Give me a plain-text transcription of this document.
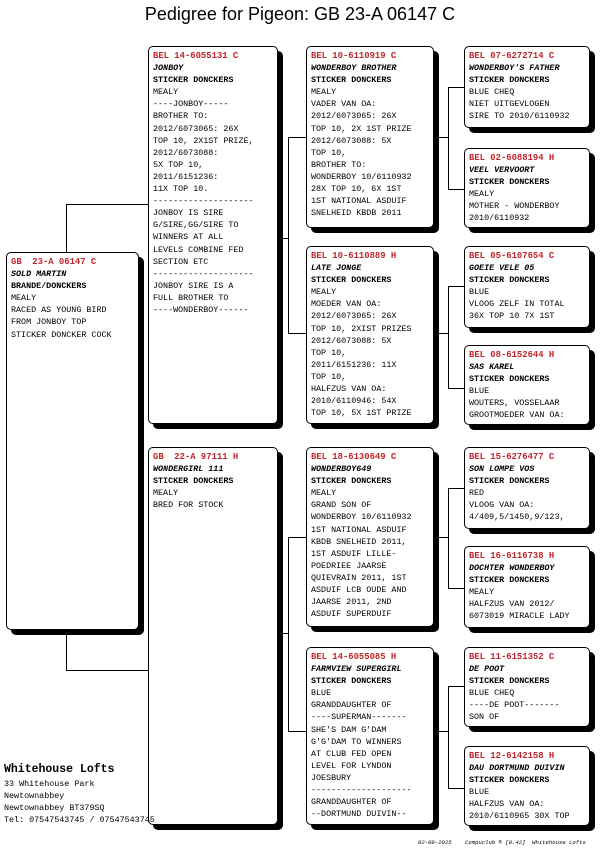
Pedigree for Pigeon: GB 23-A 06147 C
GB  23-A 06147 C
SOLD MARTIN
BRANDE/DONCKERS
MEALY
RACED AS YOUNG BIRD
FROM JONBOY TOP
STICKER DONCKER COCK
BEL 14-6055131 C
JONBOY
STICKER DONCKERS
MEALY
----JONBOY-----
BROTHER TO:
2012/6073065: 26X
TOP 10, 2X1ST PRIZE,
2012/6073088:
5X TOP 10,
2011/6151236:
11X TOP 10.
--------------------
JONBOY IS SIRE
G/SIRE,GG/SIRE TO
WINNERS AT ALL
LEVELS COMBINE FED
SECTION ETC
--------------------
JONBOY SIRE IS A
FULL BROTHER TO
----WONDERBOY------
GB  22-A 97111 H
WONDERGIRL 111
STICKER DONCKERS
MEALY
BRED FOR STOCK
BEL 10-6110919 C
WONDERBOY BROTHER
STICKER DONCKERS
MEALY
VADER VAN OA:
2012/6073065: 26X
TOP 10, 2X 1ST PRIZE
2012/6073088: 5X
TOP 10,
BROTHER TO:
WONDERBOY 10/6110932
28X TOP 10, 6X 1ST
1ST NATIONAL ASDUIF
SNELHEID KBDB 2011
BEL 10-6110889 H
LATE JONGE
STICKER DONCKERS
MEALY
MOEDER VAN OA:
2012/6073065: 26X
TOP 10, 2XIST PRIZES
2012/6073088: 5X
TOP 10,
2011/6151236: 11X
TOP 10,
HALFZUS VAN OA:
2010/6110946: 54X
TOP 10, 5X 1ST PRIZE
BEL 18-6130649 C
WONDERBOY649
STICKER DONCKERS
MEALY
GRAND SON OF
WONDERBOY 10/6110932
1ST NATIONAL ASDUIF
KBDB SNELHEID 2011,
1ST ASDUIF LILLE-
POEDRIEE JAARSE
QUIEVRAIN 2011, 1ST
ASDUIF LCB OUDE AND
JAARSE 2011, 2ND
ASDUIF SUPERDUIF
BEL 14-6055085 H
FARMVIEW SUPERGIRL
STICKER DONCKERS
BLUE
GRANDDAUGHTER OF
----SUPERMAN-------
SHE'S DAM G'DAM
G'G'DAM TO WINNERS
AT CLUB FED OPEN
LEVEL FOR LYNDON
JOESBURY
--------------------
GRANDDAUGHTER OF
--DORTMUND DUIVIN--
BEL 07-6272714 C
WONDERBOY'S FATHER
STICKER DONCKERS
BLUE CHEQ
NIET UITGEVLOGEN
SIRE TO 2010/6110932
BEL 02-6088194 H
VEEL VERVOORT
STICKER DONCKERS
MEALY
MOTHER - WONDERBOY
2010/6110932
BEL 05-6107654 C
GOEIE VELE 05
STICKER DONCKERS
BLUE
VLOOG ZELF IN TOTAL
36X TOP 10 7X 1ST
BEL 08-6152644 H
SAS KAREL
STICKER DONCKERS
BLUE
WOUTERS, VOSSELAAR
GROOTMOEDER VAN OA:
BEL 15-6276477 C
SON LOMPE VOS
STICKER DONCKERS
RED
VLOOG VAN OA:
4/409,5/1450,9/123,
BEL 16-6116738 H
DOCHTER WONDERBOY
STICKER DONCKERS
MEALY
HALFZUS VAN 2012/
6073019 MIRACLE LADY
BEL 11-6151352 C
DE POOT
STICKER DONCKERS
BLUE CHEQ
----DE POOT-------
SON OF
BEL 12-6142158 H
DAU DORTMUND DUIVIN
STICKER DONCKERS
BLUE
HALFZUS VAN OA:
2010/6110965 30X TOP
Whitehouse Lofts
33 Whitehouse Park
Newtownabbey
Newtownabbey BT379SQ
Tel: 07547543745 / 07547543745
02-08-2025    Compuclub ® [9.42]  Whitehouse Lofts
